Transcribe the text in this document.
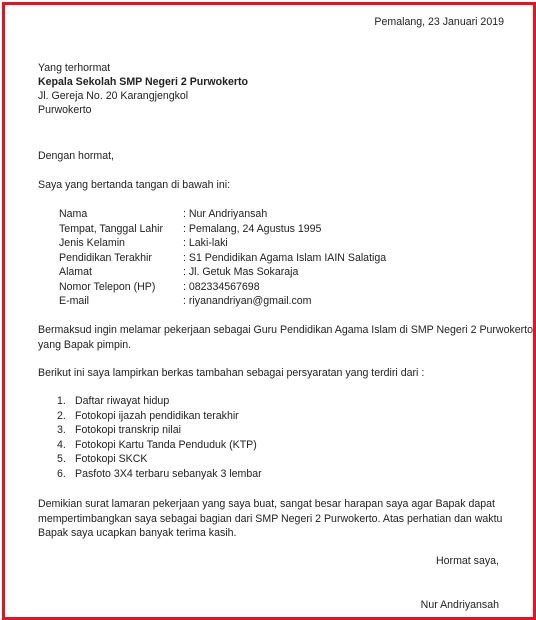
Pemalang, 23 Januari 2019
Yang terhormat
Kepala Sekolah SMP Negeri 2 Purwokerto
Jl. Gereja No. 20 Karangjengkol
Purwokerto
Dengan hormat,
Saya yang bertanda tangan di bawah ini:
Nama	: Nur Andriyansah
Tempat, Tanggal Lahir	: Pemalang, 24 Agustus 1995
Jenis Kelamin	: Laki-laki
Pendidikan Terakhir	: S1 Pendidikan Agama Islam IAIN Salatiga
Alamat	: Jl. Getuk Mas Sokaraja
Nomor Telepon (HP)	: 082334567698
E-mail	: riyanandriyan@gmail.com
Bermaksud ingin melamar pekerjaan sebagai Guru Pendidikan Agama Islam di SMP Negeri 2 Purwokerto
yang Bapak pimpin.
Berikut ini saya lampirkan berkas tambahan sebagai persyaratan yang terdiri dari :
1. Daftar riwayat hidup
2. Fotokopi ijazah pendidikan terakhir
3. Fotokopi transkrip nilai
4. Fotokopi Kartu Tanda Penduduk (KTP)
5. Fotokopi SKCK
6. Pasfoto 3X4 terbaru sebanyak 3 lembar
Demikian surat lamaran pekerjaan yang saya buat, sangat besar harapan saya agar Bapak dapat
mempertimbangkan saya sebagai bagian dari SMP Negeri 2 Purwokerto. Atas perhatian dan waktu
Bapak saya ucapkan banyak terima kasih.
Hormat saya,
Nur Andriyansah
